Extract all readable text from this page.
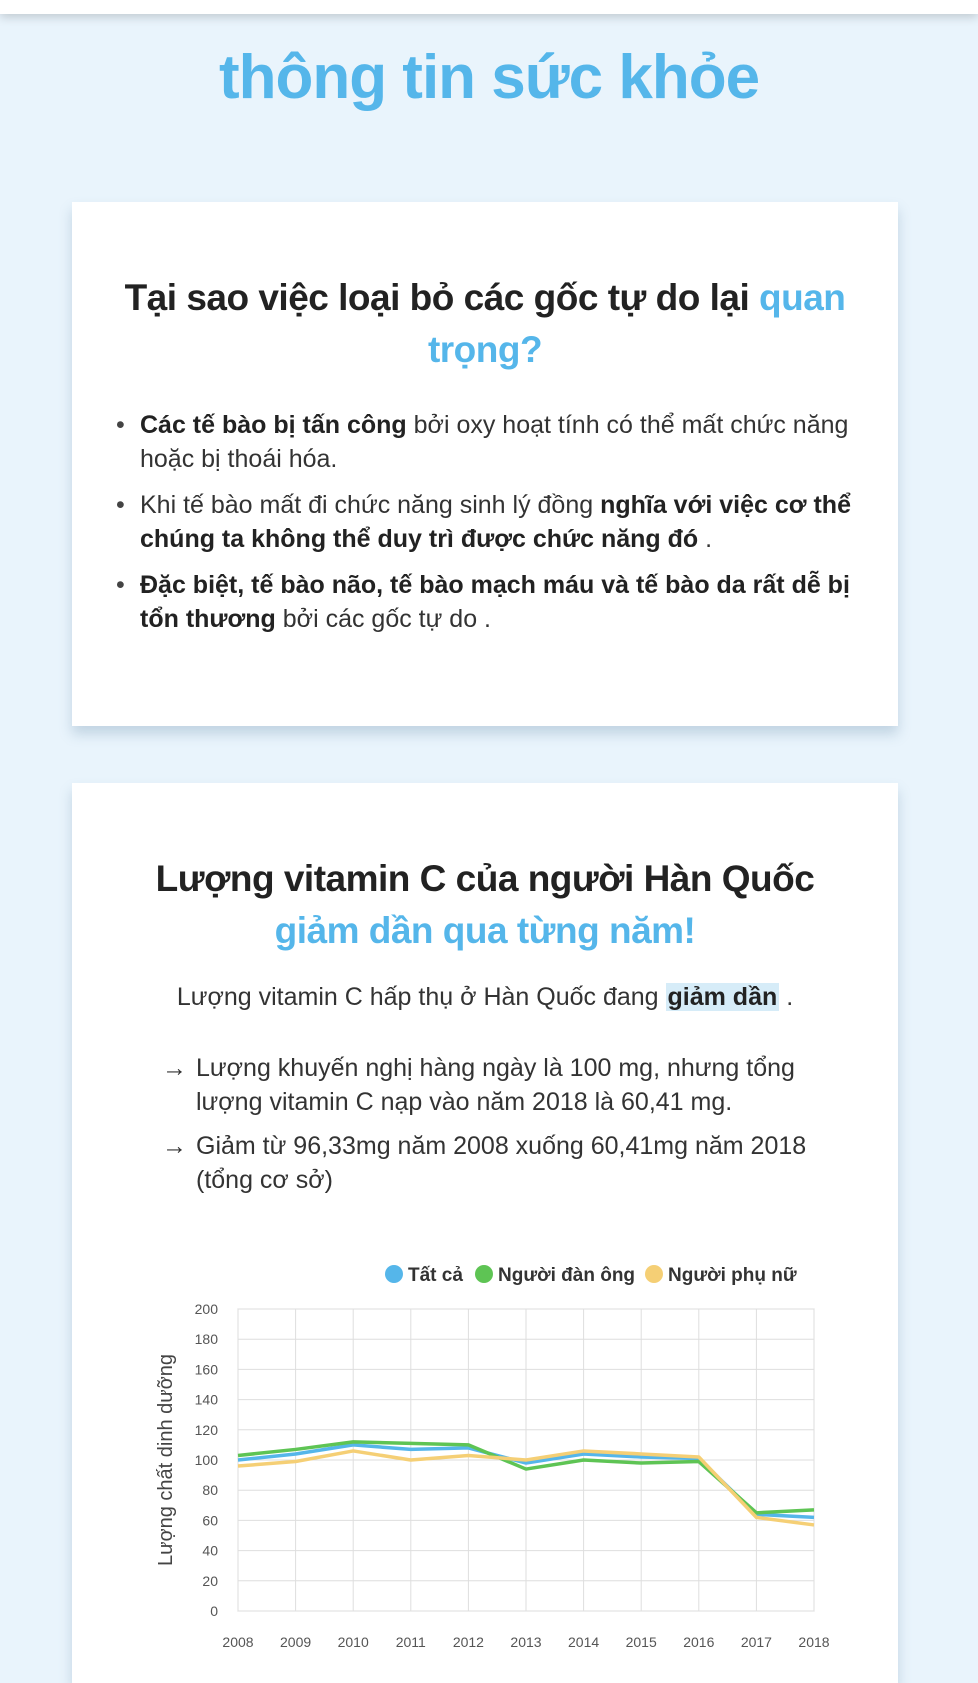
thông tin sức khỏe
Tại sao việc loại bỏ các gốc tự do lại quan trọng?
• Các tế bào bị tấn công bởi oxy hoạt tính có thể mất chức năng hoặc bị thoái hóa.
• Khi tế bào mất đi chức năng sinh lý đồng nghĩa với việc cơ thể chúng ta không thể duy trì được chức năng đó .
• Đặc biệt, tế bào não, tế bào mạch máu và tế bào da rất dễ bị tổn thương bởi các gốc tự do .
Lượng vitamin C của người Hàn Quốc
giảm dần qua từng năm!

Lượng vitamin C hấp thụ ở Hàn Quốc đang giảm dần .

→ Lượng khuyến nghị hàng ngày là 100 mg, nhưng tổng lượng vitamin C nạp vào năm 2018 là 60,41 mg.
→ Giảm từ 96,33mg năm 2008 xuống 60,41mg năm 2018 (tổng cơ sở)
Tất cả Người đàn ông Người phụ nữ
0
20
40
60
80
100
120
140
160
180
200
2008 2009 2010 2011 2012 2013 2014 2015 2016 2017 2018
Lượng chất dinh dưỡng
